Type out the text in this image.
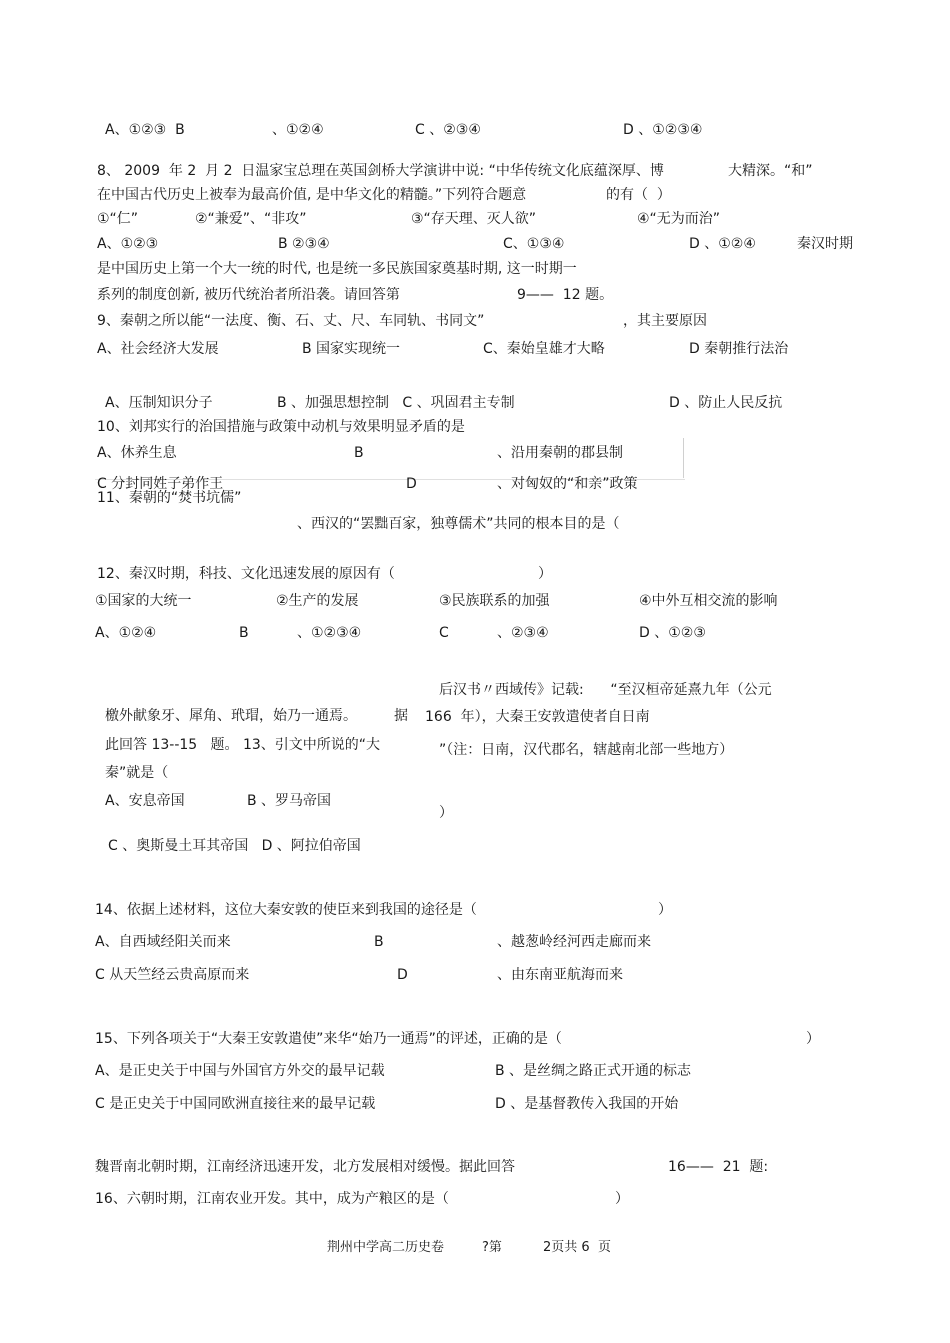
A、①②③  B	、①②④	C 、②③④	D 、①②③④
8、 2009  年 2  月 2  日温家宝总理在英国剑桥大学演讲中说: “中华传统文化底蕴深厚、博	大精深。“和”
在中国古代历史上被奉为最高价值, 是中华文化的精髓。”下列符合题意	的有（  ）
①“仁”	②“兼爱”、“非攻”	③“存天理、灭人欲”	④“无为而治”
A、①②③	B ②③④	C、①③④	D 、①②④	秦汉时期
是中国历史上第一个大一统的时代, 也是统一多民族国家奠基时期, 这一时期一
系列的制度创新, 被历代统治者所沿袭。请回答第	9——  12 题。
9、秦朝之所以能“一法度、衡、石、丈、尺、车同轨、书同文”	，其主要原因
A、社会经济大发展	B 国家实现统一	C、秦始皇雄才大略	D 秦朝推行法治
A、压制知识分子	B 、加强思想控制   C 、巩固君主专制	D 、防止人民反抗
10、刘邦实行的治国措施与政策中动机与效果明显矛盾的是
A、休养生息	B	、沿用秦朝的郡县制
C 分封同姓子弟作王	D	、对匈奴的“和亲”政策
11、秦朝的“焚书坑儒”
、西汉的“罢黜百家，独尊儒术”共同的根本目的是（
12、秦汉时期，科技、文化迅速发展的原因有（	）
①国家的大统一	②生产的发展	③民族联系的加强	④中外互相交流的影响
A、①②④	B	、①②③④	C	、②③④	D 、①②③
后汉书〃西域传》记载:      “至汉桓帝延熹九年（公元
檄外献象牙、犀角、玳瑁，始乃一通焉。	据 166  年），大秦王安敦遣使者自日南
此回答 13--15   题。 13、引文中所说的“大	”（注：日南，汉代郡名，辖越南北部一些地方）
秦”就是（
A、安息帝国	B 、罗马帝国
）
C 、奥斯曼土耳其帝国   D 、阿拉伯帝国
14、依据上述材料，这位大秦安敦的使臣来到我国的途径是（	）
A、自西域经阳关而来	B	、越葱岭经河西走廊而来
C 从天竺经云贵高原而来	D	、由东南亚航海而来
15、下列各项关于“大秦王安敦遣使”来华“始乃一通焉”的评述，正确的是（	）
A、是正史关于中国与外国官方外交的最早记载	B 、是丝绸之路正式开通的标志
C 是正史关于中国同欧洲直接往来的最早记载	D 、是基督教传入我国的开始
魏晋南北朝时期，江南经济迅速开发，北方发展相对缓慢。据此回答	16——  21  题:
16、六朝时期，江南农业开发。其中，成为产粮区的是（	）
荆州中学高二历史卷	?第	2页共 6  页
